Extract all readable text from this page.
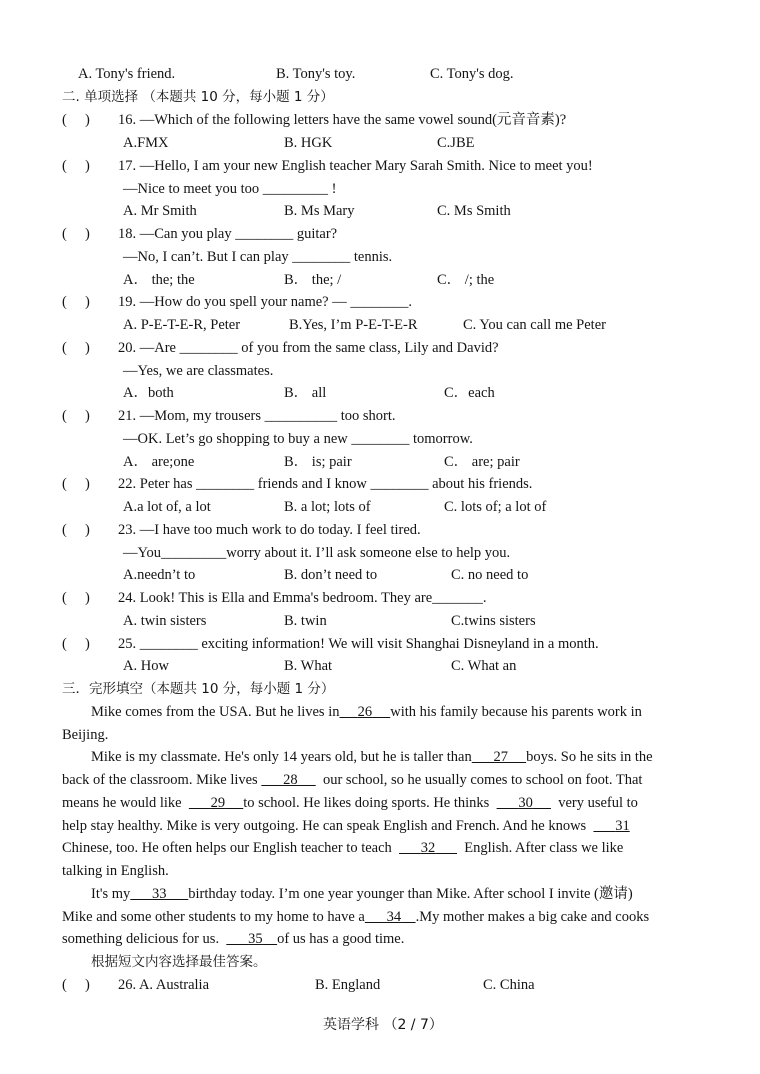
A. Tony's friend.	B. Tony's toy.	C. Tony's dog.
二. 单项选择 （本题共 10 分，每小题 1 分）
(     ) 16. —Which of the following letters have the same vowel sound(元音音素)?
A.FMX	B. HGK	C.JBE
(     ) 17. —Hello, I am your new English teacher Mary Sarah Smith. Nice to meet you!
—Nice to meet you too _________ !
A. Mr Smith	B. Ms Mary	C. Ms Smith
(     ) 18. —Can you play ________ guitar?
—No, I can’t. But I can play ________ tennis.
A． the; the	B． the; /	C． /; the
(     ) 19. —How do you spell your name? — ________.
A. P-E-T-E-R, Peter	B.Yes, I’m P-E-T-E-R	C. You can call me Peter
(     ) 20. —Are ________ of you from the same class, Lily and David?
—Yes, we are classmates.
A．both	B． all	C．each
(     ) 21. —Mom, my trousers __________ too short.
—OK. Let’s go shopping to buy a new ________ tomorrow.
A． are;one	B． is; pair	C． are; pair
(     ) 22. Peter has ________ friends and I know ________ about his friends.
A.a lot of, a lot	B. a lot; lots of	C. lots of; a lot of
(     ) 23. —I have too much work to do today. I feel tired.
—You_________worry about it. I’ll ask someone else to help you.
A.needn’t to	B. don’t need to	C. no need to
(     ) 24. Look! This is Ella and Emma's bedroom. They are_______.
A. twin sisters	B. twin	C.twins sisters
(     ) 25. ________ exciting information! We will visit Shanghai Disneyland in a month.
A. How	B. What	C. What an
三．完形填空（本题共 10 分，每小题 1 分）
Mike comes from the USA. But he lives in 26 with his family because his parents work in
Beijing.
Mike is my classmate. He's only 14 years old, but he is taller than 27 boys. So he sits in the
back of the classroom. Mike lives 28 our school, so he usually comes to school on foot. That
means he would like 29 to school. He likes doing sports. He thinks 30 very useful to
help stay healthy. Mike is very outgoing. He can speak English and French. And he knows 31
Chinese, too. He often helps our English teacher to teach 32 English. After class we like
talking in English.
It's my 33 birthday today. I’m one year younger than Mike. After school I invite (邀请)
Mike and some other students to my home to have a 34 .My mother makes a big cake and cooks
something delicious for us. 35 of us has a good time.
根据短文内容选择最佳答案。
(     ) 26. A. Australia	B. England	C. China
英语学科 （2 / 7）
